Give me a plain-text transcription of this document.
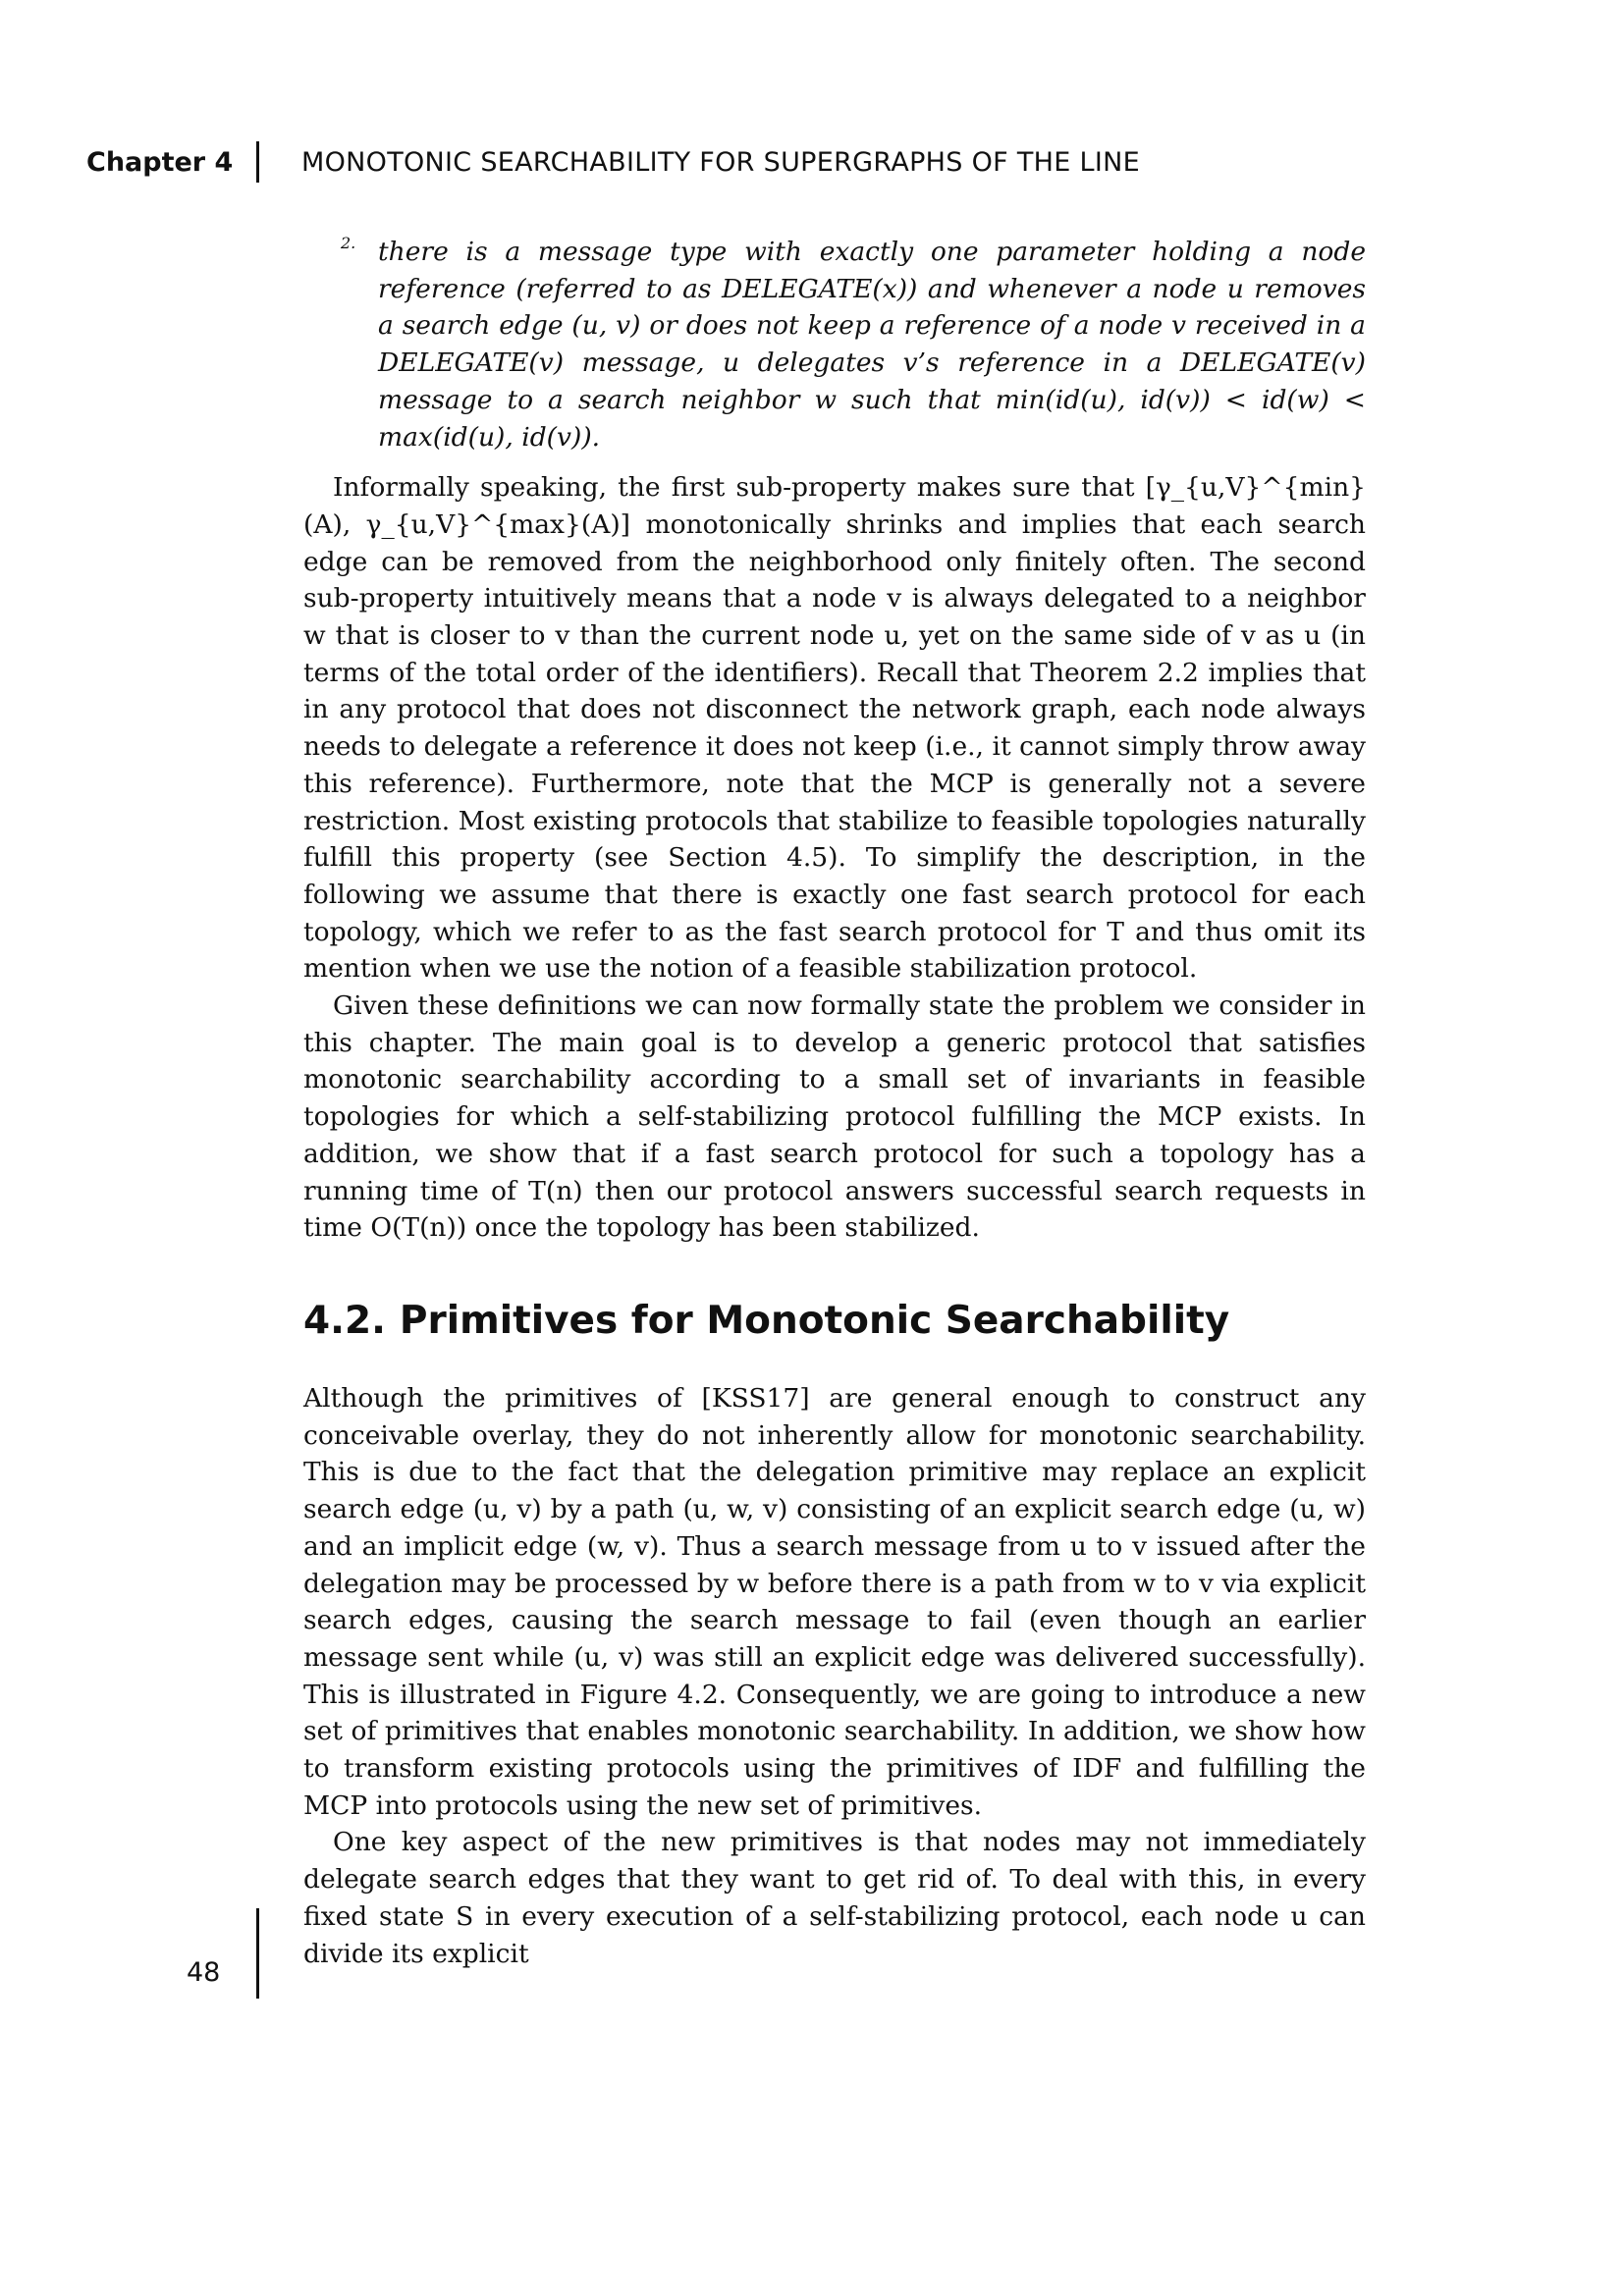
Chapter 4	MONOTONIC SEARCHABILITY FOR SUPERGRAPHS OF THE LINE
2. there is a message type with exactly one parameter holding a node reference (referred to as DELEGATE(x)) and whenever a node u removes a search edge (u, v) or does not keep a reference of a node v received in a DELEGATE(v) message, u delegates v’s reference in a DELEGATE(v) message to a search neighbor w such that min(id(u), id(v)) < id(w) < max(id(u), id(v)).

Informally speaking, the first sub-property makes sure that [γ_{u,V}^{min}(A), γ_{u,V}^{max}(A)] monotonically shrinks and implies that each search edge can be removed from the neighborhood only finitely often. The second sub-property intuitively means that a node v is always delegated to a neighbor w that is closer to v than the current node u, yet on the same side of v as u (in terms of the total order of the identifiers). Recall that Theorem 2.2 implies that in any protocol that does not disconnect the network graph, each node always needs to delegate a reference it does not keep (i.e., it cannot simply throw away this reference). Furthermore, note that the MCP is generally not a severe restriction. Most existing protocols that stabilize to feasible topologies naturally fulfill this property (see Section 4.5). To simplify the description, in the following we assume that there is exactly one fast search protocol for each topology, which we refer to as the fast search protocol for T and thus omit its mention when we use the notion of a feasible stabilization protocol.

Given these definitions we can now formally state the problem we consider in this chapter. The main goal is to develop a generic protocol that satisfies monotonic searchability according to a small set of invariants in feasible topologies for which a self-stabilizing protocol fulfilling the MCP exists. In addition, we show that if a fast search protocol for such a topology has a running time of T(n) then our protocol answers successful search requests in time O(T(n)) once the topology has been stabilized.

4.2. Primitives for Monotonic Searchability

Although the primitives of [KSS17] are general enough to construct any conceivable overlay, they do not inherently allow for monotonic searchability. This is due to the fact that the delegation primitive may replace an explicit search edge (u, v) by a path (u, w, v) consisting of an explicit search edge (u, w) and an implicit edge (w, v). Thus a search message from u to v issued after the delegation may be processed by w before there is a path from w to v via explicit search edges, causing the search message to fail (even though an earlier message sent while (u, v) was still an explicit edge was delivered successfully). This is illustrated in Figure 4.2. Consequently, we are going to introduce a new set of primitives that enables monotonic searchability. In addition, we show how to transform existing protocols using the primitives of IDF and fulfilling the MCP into protocols using the new set of primitives.

One key aspect of the new primitives is that nodes may not immediately delegate search edges that they want to get rid of. To deal with this, in every fixed state S in every execution of a self-stabilizing protocol, each node u can divide its explicit

48
